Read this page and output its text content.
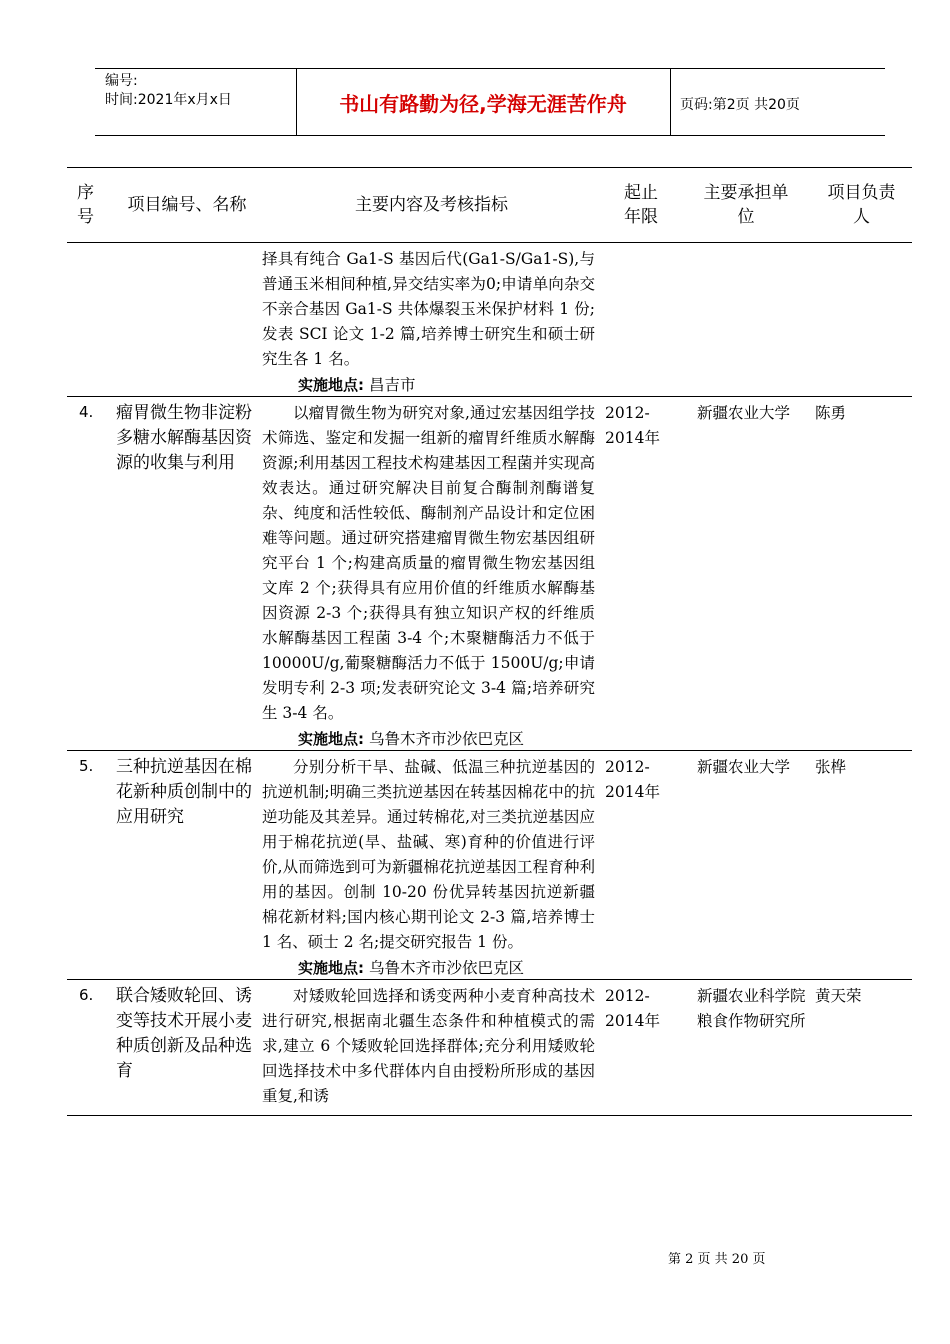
编号:
时间:2021年x月x日	书山有路勤为径,学海无涯苦作舟	页码:第2页 共20页
序号	项目编号、名称	主要内容及考核指标	起止年限	主要承担单位	项目负责人

		择具有纯合 Ga1-S 基因后代(Ga1-S/Ga1-S),与普通玉米相间种植,异交结实率为0;申请单向杂交不亲合基因 Ga1-S 共体爆裂玉米保护材料 1 份;发表 SCI 论文 1-2 篇,培养博士研究生和硕士研究生各 1 名。

实施地点: 昌吉市			

4.	瘤胃微生物非淀粉多糖水解酶基因资源的收集与利用	以瘤胃微生物为研究对象,通过宏基因组学技术筛选、鉴定和发掘一组新的瘤胃纤维质水解酶资源;利用基因工程技术构建基因工程菌并实现高效表达。通过研究解决目前复合酶制剂酶谱复杂、纯度和活性较低、酶制剂产品设计和定位困难等问题。通过研究搭建瘤胃微生物宏基因组研究平台 1 个;构建高质量的瘤胃微生物宏基因组文库 2 个;获得具有应用价值的纤维质水解酶基因资源 2-3 个;获得具有独立知识产权的纤维质水解酶基因工程菌 3-4 个;木聚糖酶活力不低于 10000U/g,葡聚糖酶活力不低于 1500U/g;申请发明专利 2-3 项;发表研究论文 3-4 篇;培养研究生 3-4 名。

实施地点: 乌鲁木齐市沙依巴克区	2012-2014年	新疆农业大学	陈勇
5.	三种抗逆基因在棉花新种质创制中的应用研究	分别分析干旱、盐碱、低温三种抗逆基因的抗逆机制;明确三类抗逆基因在转基因棉花中的抗逆功能及其差异。通过转棉花,对三类抗逆基因应用于棉花抗逆(旱、盐碱、寒)育种的价值进行评价,从而筛选到可为新疆棉花抗逆基因工程育种利用的基因。创制 10-20 份优异转基因抗逆新疆棉花新材料;国内核心期刊论文 2-3 篇,培养博士 1 名、硕士 2 名;提交研究报告 1 份。

实施地点: 乌鲁木齐市沙依巴克区	2012-2014年	新疆农业大学	张桦
6.	联合矮败轮回、诱变等技术开展小麦种质创新及品种选育	对矮败轮回选择和诱变两种小麦育种高技术进行研究,根据南北疆生态条件和种植模式的需求,建立 6 个矮败轮回选择群体;充分利用矮败轮回选择技术中多代群体内自由授粉所形成的基因重复,和诱	2012-2014年	新疆农业科学院粮食作物研究所	黄天荣
第 2 页 共 20 页
